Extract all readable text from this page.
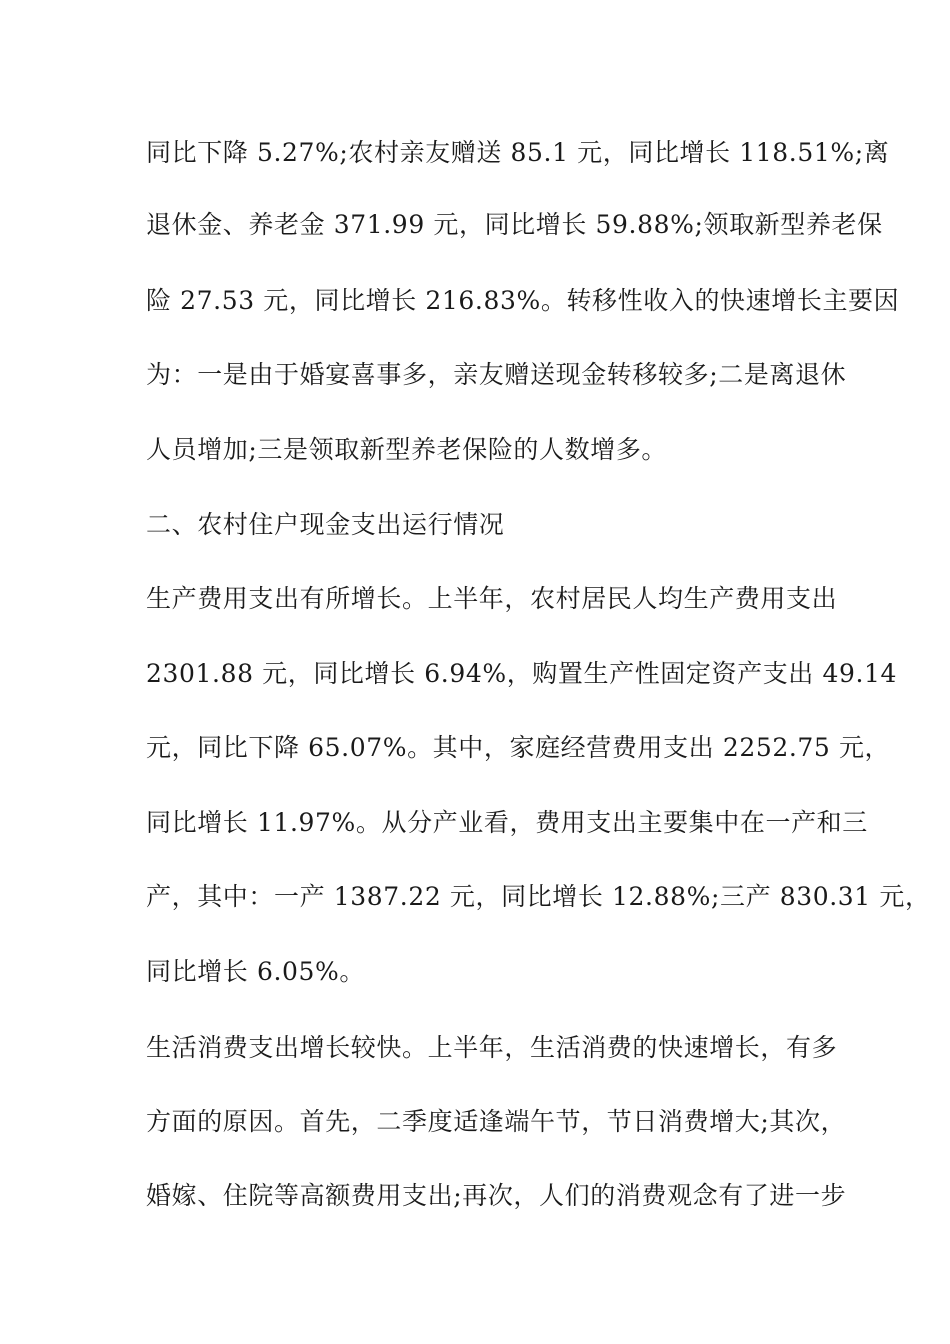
同比下降 5.27%;农村亲友赠送 85.1 元，同比增长 118.51%;离
退休金、养老金 371.99 元，同比增长 59.88%;领取新型养老保
险 27.53 元，同比增长 216.83%。转移性收入的快速增长主要因
为：一是由于婚宴喜事多，亲友赠送现金转移较多;二是离退休
人员增加;三是领取新型养老保险的人数增多。
二、农村住户现金支出运行情况
生产费用支出有所增长。上半年，农村居民人均生产费用支出
2301.88 元，同比增长 6.94%，购置生产性固定资产支出 49.14
元，同比下降 65.07%。其中，家庭经营费用支出 2252.75 元，
同比增长 11.97%。从分产业看，费用支出主要集中在一产和三
产，其中：一产 1387.22 元，同比增长 12.88%;三产 830.31 元，
同比增长 6.05%。
生活消费支出增长较快。上半年，生活消费的快速增长，有多
方面的原因。首先，二季度适逢端午节，节日消费增大;其次，
婚嫁、住院等高额费用支出;再次，人们的消费观念有了进一步
